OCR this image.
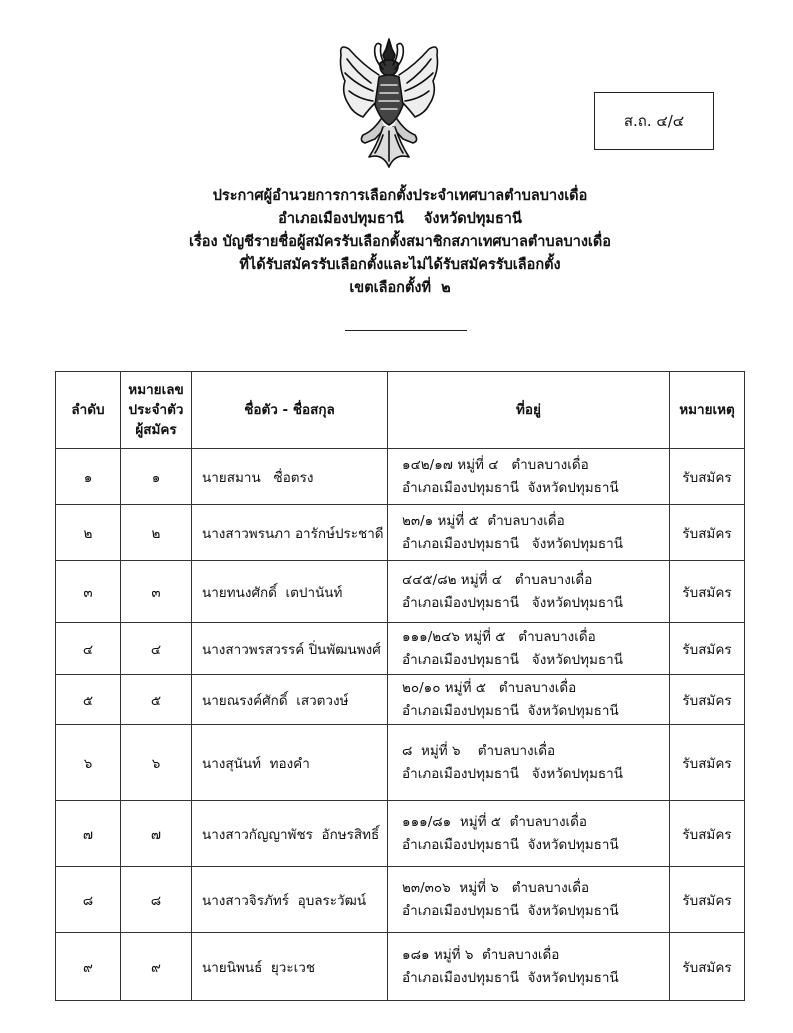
ส.ถ. ๔/๔
ประกาศผู้อำนวยการการเลือกตั้งประจำเทศบาลตำบลบางเดื่อ
อำเภอเมืองปทุมธานี    จังหวัดปทุมธานี
เรื่อง บัญชีรายชื่อผู้สมัครรับเลือกตั้งสมาชิกสภาเทศบาลตำบลบางเดื่อ
ที่ได้รับสมัครรับเลือกตั้งและไม่ได้รับสมัครรับเลือกตั้ง
เขตเลือกตั้งที่  ๒
ลำดับ	หมายเลข
ประจำตัว
ผู้สมัคร	ชื่อตัว - ชื่อสกุล	ที่อยู่	หมายเหตุ
๑	๑	นายสมาน   ซื่อตรง	๑๔๒/๑๗ หมู่ที่ ๔   ตำบลบางเดื่อ
อำเภอเมืองปทุมธานี  จังหวัดปทุมธานี	รับสมัคร
๒	๒	นางสาวพรนภา อารักษ์ประชาดี	๒๓/๑ หมู่ที่ ๕  ตำบลบางเดื่อ
อำเภอเมืองปทุมธานี   จังหวัดปทุมธานี	รับสมัคร
๓	๓	นายทนงศักดิ์  เตปานันท์	๔๔๕/๘๒ หมู่ที่ ๔   ตำบลบางเดื่อ
อำเภอเมืองปทุมธานี   จังหวัดปทุมธานี	รับสมัคร
๔	๔	นางสาวพรสวรรค์ ปิ่นพัฒนพงศ์	๑๑๑/๒๔๖ หมู่ที่ ๕   ตำบลบางเดื่อ
อำเภอเมืองปทุมธานี   จังหวัดปทุมธานี	รับสมัคร
๕	๕	นายณรงค์ศักดิ์  เสวตวงษ์	๒๐/๑๐ หมู่ที่ ๕   ตำบลบางเดื่อ
อำเภอเมืองปทุมธานี  จังหวัดปทุมธานี	รับสมัคร
๖	๖	นางสุนันท์  ทองคำ	๘  หมู่ที่ ๖    ตำบลบางเดื่อ
อำเภอเมืองปทุมธานี   จังหวัดปทุมธานี	รับสมัคร
๗	๗	นางสาวกัญญาพัชร  อักษรสิทธิ์	๑๑๑/๘๑  หมู่ที่ ๕  ตำบลบางเดื่อ
อำเภอเมืองปทุมธานี  จังหวัดปทุมธานี	รับสมัคร
๘	๘	นางสาวจิรภัทร์  อุบลระวัฒน์	๒๓/๓๐๖  หมู่ที่ ๖   ตำบลบางเดื่อ
อำเภอเมืองปทุมธานี  จังหวัดปทุมธานี	รับสมัคร
๙	๙	นายนิพนธ์  ยุวะเวช	๑๘๑ หมู่ที่ ๖  ตำบลบางเดื่อ
อำเภอเมืองปทุมธานี  จังหวัดปทุมธานี	รับสมัคร
